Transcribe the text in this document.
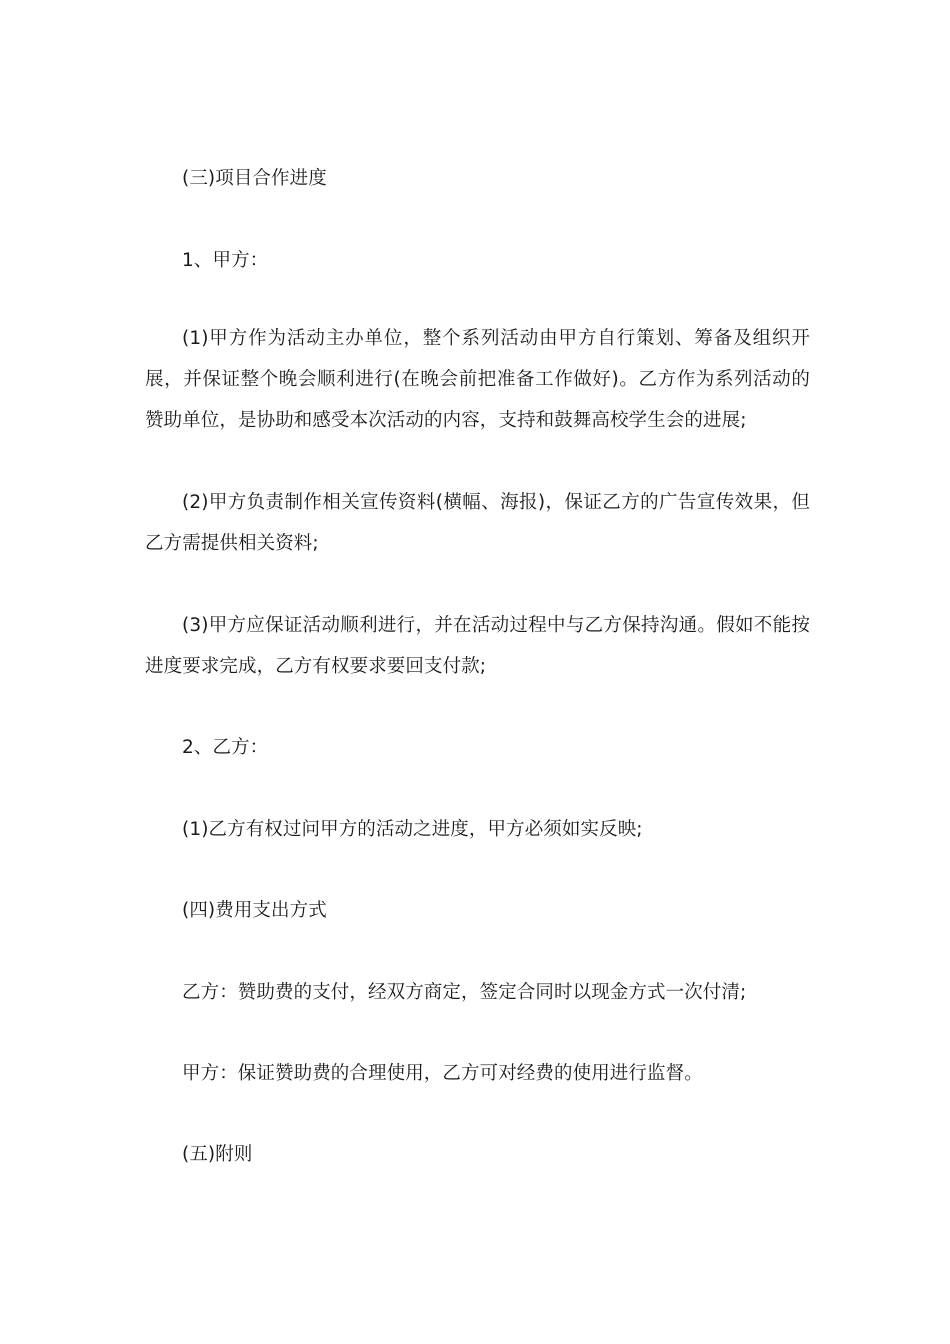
(三)项目合作进度

1、甲方：

(1)甲方作为活动主办单位，整个系列活动由甲方自行策划、筹备及组织开展，并保证整个晚会顺利进行(在晚会前把准备工作做好)。乙方作为系列活动的赞助单位，是协助和感受本次活动的内容，支持和鼓舞高校学生会的进展;

(2)甲方负责制作相关宣传资料(横幅、海报)，保证乙方的广告宣传效果，但乙方需提供相关资料;

(3)甲方应保证活动顺利进行，并在活动过程中与乙方保持沟通。假如不能按进度要求完成，乙方有权要求要回支付款;

2、乙方：

(1)乙方有权过问甲方的活动之进度，甲方必须如实反映;

(四)费用支出方式

乙方：赞助费的支付，经双方商定，签定合同时以现金方式一次付清;

甲方：保证赞助费的合理使用，乙方可对经费的使用进行监督。

(五)附则
